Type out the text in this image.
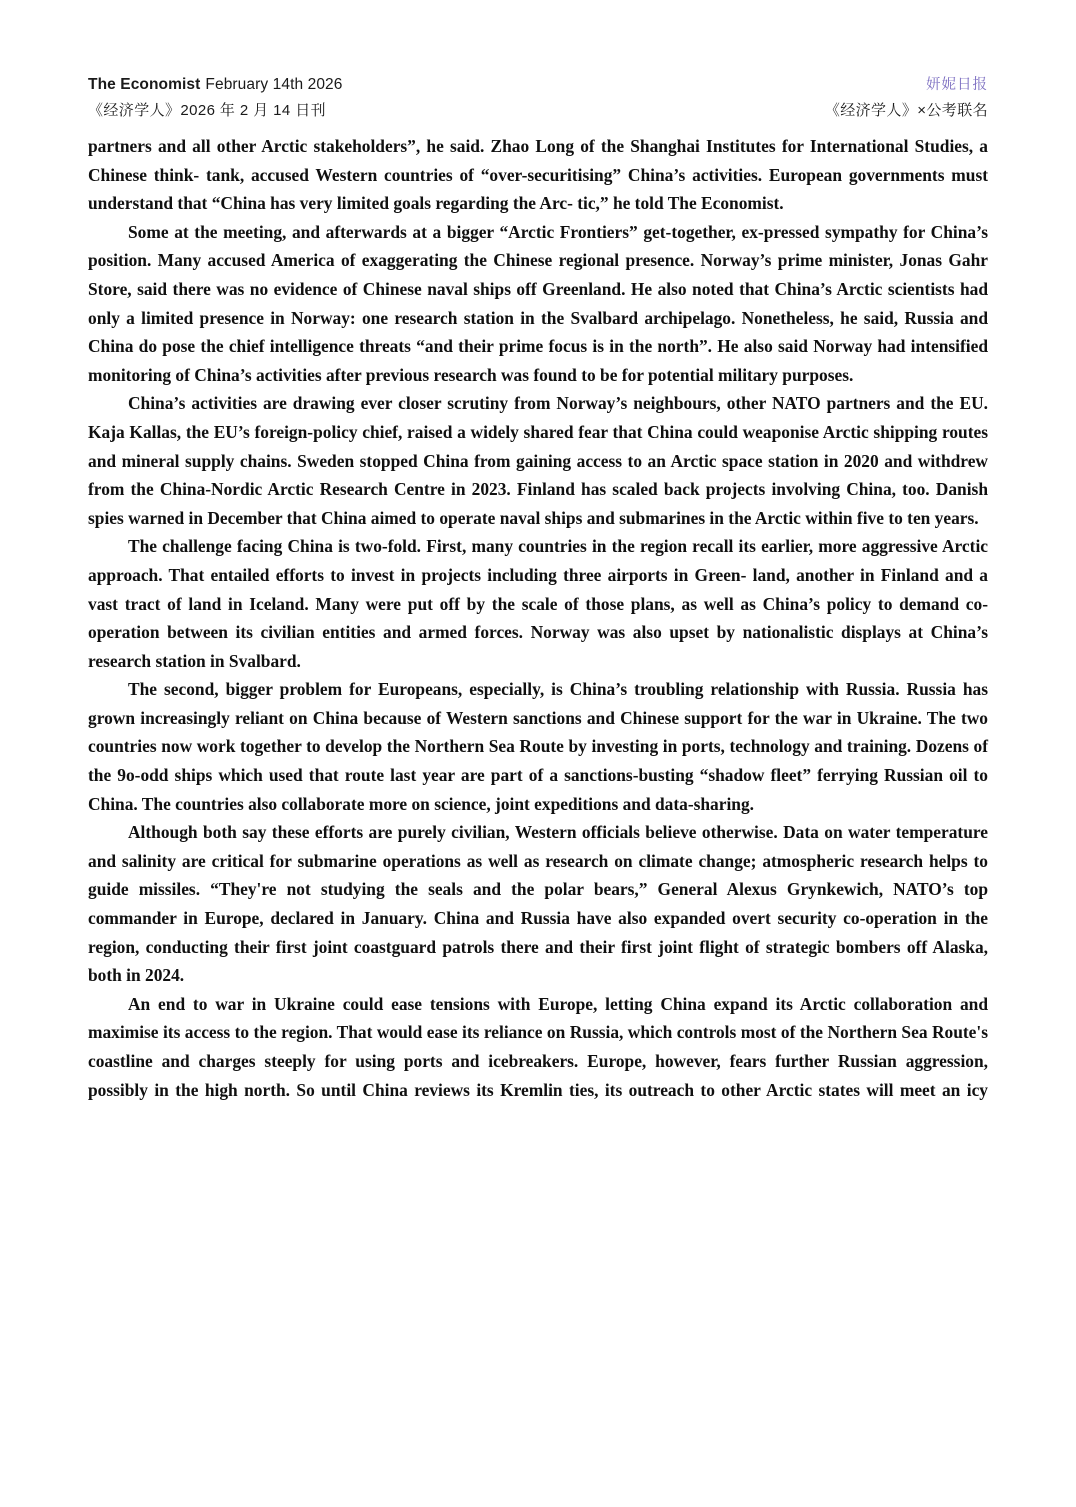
The Economist February 14th 2026	妍妮日报
《经济学人》2026 年 2 月 14 日刊	《经济学人》×公考联名

partners and all other Arctic stakeholders”, he said. Zhao Long of the Shanghai Institutes for International Studies, a Chinese think- tank, accused Western countries of “over-securitising” China’s activities. European governments must understand that “China has very limited goals regarding the Arc- tic,” he told The Economist.

Some at the meeting, and afterwards at a bigger “Arctic Frontiers” get-together, ex-pressed sympathy for China’s position. Many accused America of exaggerating the Chinese regional presence. Norway’s prime minister, Jonas Gahr Store, said there was no evidence of Chinese naval ships off Greenland. He also noted that China’s Arctic scientists had only a limited presence in Norway: one research station in the Svalbard archipelago. Nonetheless, he said, Russia and China do pose the chief intelligence threats “and their prime focus is in the north”. He also said Norway had intensified monitoring of China’s activities after previous research was found to be for potential military purposes.

China’s activities are drawing ever closer scrutiny from Norway’s neighbours, other NATO partners and the EU. Kaja Kallas, the EU’s foreign-policy chief, raised a widely shared fear that China could weaponise Arctic shipping routes and mineral supply chains. Sweden stopped China from gaining access to an Arctic space station in 2020 and withdrew from the China-Nordic Arctic Research Centre in 2023. Finland has scaled back projects involving China, too. Danish spies warned in December that China aimed to operate naval ships and submarines in the Arctic within five to ten years.

The challenge facing China is two-fold. First, many countries in the region recall its earlier, more aggressive Arctic approach. That entailed efforts to invest in projects including three airports in Green- land, another in Finland and a vast tract of land in Iceland. Many were put off by the scale of those plans, as well as China’s policy to demand co-operation between its civilian entities and armed forces. Norway was also upset by nationalistic displays at China’s research station in Svalbard.

The second, bigger problem for Europeans, especially, is China’s troubling relationship with Russia. Russia has grown increasingly reliant on China because of Western sanctions and Chinese support for the war in Ukraine. The two countries now work together to develop the Northern Sea Route by investing in ports, technology and training. Dozens of the 9o-odd ships which used that route last year are part of a sanctions-busting “shadow fleet” ferrying Russian oil to China. The countries also collaborate more on science, joint expeditions and data-sharing.

Although both say these efforts are purely civilian, Western officials believe otherwise. Data on water temperature and salinity are critical for submarine operations as well as research on climate change; atmospheric research helps to guide missiles. “They're not studying the seals and the polar bears,” General Alexus Grynkewich, NATO’s top commander in Europe, declared in January. China and Russia have also expanded overt security co-operation in the region, conducting their first joint coastguard patrols there and their first joint flight of strategic bombers off Alaska, both in 2024.

An end to war in Ukraine could ease tensions with Europe, letting China expand its Arctic collaboration and maximise its access to the region. That would ease its reliance on Russia, which controls most of the Northern Sea Route's coastline and charges steeply for using ports and icebreakers. Europe, however, fears further Russian aggression, possibly in the high north. So until China reviews its Kremlin ties, its outreach to other Arctic states will meet an icy
